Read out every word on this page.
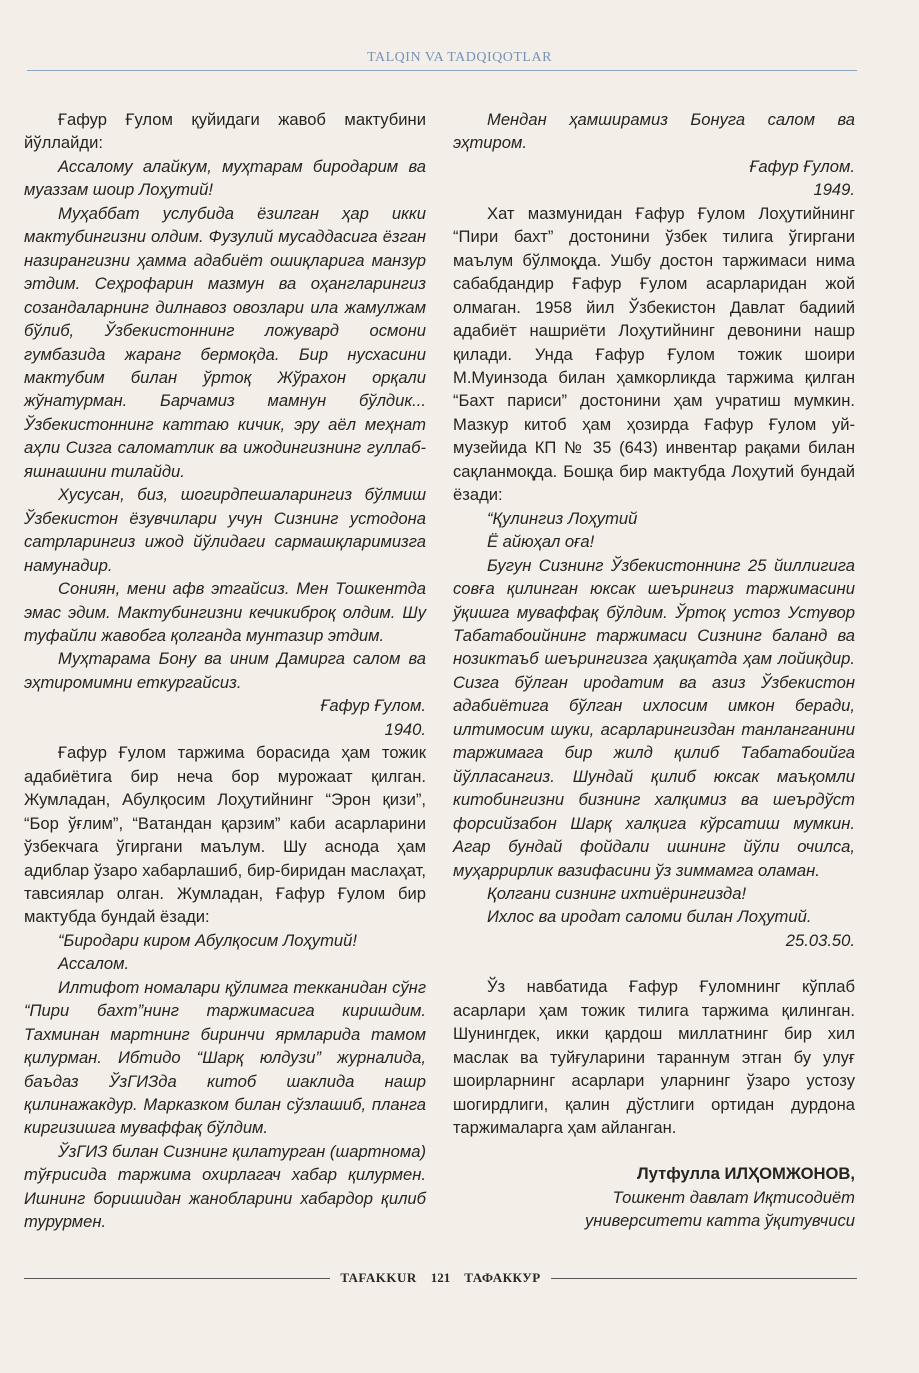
TALQIN VA TADQIQOTLAR

Ғафур Ғулом қуйидаги жавоб мактубини йўллайди:

Ассалому алайкум, муҳтарам биродарим ва муаззам шоир Лоҳутий!

Муҳаббат услубида ёзилган ҳар икки мактубингизни олдим. Фузулий мусаддасига ёзган назирангизни ҳамма адабиёт ошиқларига манзур этдим. Сеҳрофарин мазмун ва оҳангларингиз созандаларнинг дилнавоз овозлари ила жамулжам бўлиб, Ўзбекистоннинг ложувард осмони гумбазида жаранг бермоқда. Бир нусхасини мактубим билан ўртоқ Жўрахон орқали жўнатурман. Барчамиз мамнун бўлдик... Ўзбекистоннинг каттаю кичик, эру аёл меҳнат аҳли Сизга саломатлик ва ижодингизнинг гуллаб-яшнашини тилайди.

Хусусан, биз, шогирдпешаларингиз бўлмиш Ўзбекистон ёзувчилари учун Сизнинг устодона сатрларингиз ижод йўлидаги сармашқларимизга намунадир.

Сониян, мени афв этгайсиз. Мен Тошкентда эмас эдим. Мактубингизни кечикиброқ олдим. Шу туфайли жавобга қолганда мунтазир этдим.

Муҳтарама Бону ва иним Дамирга салом ва эҳтиромимни еткургайсиз.

Ғафур Ғулом.

1940.

Ғафур Ғулом таржима борасида ҳам тожик адабиётига бир неча бор мурожаат қилган. Жумладан, Абулқосим Лоҳутийнинг “Эрон қизи”, “Бор ўғлим”, “Ватандан қарзим” каби асарларини ўзбекчага ўгиргани маълум. Шу аснода ҳам адиблар ўзаро хабарлашиб, бир-биридан маслаҳат, тавсиялар олган. Жумладан, Ғафур Ғулом бир мактубда бундай ёзади:

“Биродари киром Абулқосим Лоҳутий!

Ассалом.

Илтифот номалари қўлимга текканидан сўнг “Пири бахт”нинг таржимасига киришдим. Тахминан мартнинг биринчи ярмларида тамом қилурман. Ибтидо “Шарқ юлдузи” журналида, баъдаз ЎзГИЗда китоб шаклида нашр қилинажакдур. Марказком билан сўзлашиб, планга киргизишга муваффақ бўлдим.

ЎзГИЗ билан Сизнинг қилатурган (шартнома) тўғрисида таржима охирлагач хабар қилурмен. Ишнинг боришидан жанобларини хабардор қилиб турурмен.

Мендан ҳамширамиз Бонуга салом ва эҳтиром.

Ғафур Ғулом.

1949.

Хат мазмунидан Ғафур Ғулом Лоҳутийнинг “Пири бахт” достонини ўзбек тилига ўгиргани маълум бўлмоқда. Ушбу достон таржимаси нима сабабдандир Ғафур Ғулом асарларидан жой олмаган. 1958 йил Ўзбекистон Давлат бадиий адабиёт нашриёти Лоҳутийнинг девонини нашр қилади. Унда Ғафур Ғулом тожик шоири М.Муинзода билан ҳамкорликда таржима қилган “Бахт париси” достонини ҳам учратиш мумкин. Мазкур китоб ҳам ҳозирда Ғафур Ғулом уй-музейида КП № 35 (643) инвентар рақами билан сақланмоқда. Бошқа бир мактубда Лоҳутий бундай ёзади:

“Қулингиз Лоҳутий

Ё айюҳал оға!

Бугун Сизнинг Ўзбекистоннинг 25 йиллигига совға қилинган юксак шеърингиз таржимасини ўқишга муваффақ бўлдим. Ўртоқ устоз Устувор Табатабоийнинг таржимаси Сизнинг баланд ва нозиктаъб шеърингизга ҳақиқатда ҳам лойиқдир. Сизга бўлган иродатим ва азиз Ўзбекистон адабиётига бўлган ихлосим имкон беради, илтимосим шуки, асарларингиздан танланганини таржимага бир жилд қилиб Табатабоийга йўлласангиз. Шундай қилиб юксак маъқомли китобингизни бизнинг халқимиз ва шеърдўст форсийзабон Шарқ халқига кўрсатиш мумкин. Агар бундай фойдали ишнинг йўли очилса, муҳаррирлик вазифасини ўз зиммамга оламан.

Қолгани сизнинг ихтиёрингизда!

Ихлос ва иродат саломи билан Лоҳутий.

25.03.50.

Ўз навбатида Ғафур Ғуломнинг кўплаб асарлари ҳам тожик тилига таржима қилинган. Шунингдек, икки қардош миллатнинг бир хил маслак ва туйғуларини тараннум этган бу улуғ шоирларнинг асарлари уларнинг ўзаро устозу шогирдлиги, қалин дўстлиги ортидан дурдона таржималарга ҳам айланган.

Лутфулла ИЛҲОМЖОНОВ,

Тошкент давлат Иқтисодиёт

университети катта ўқитувчиси

TAFAKKUR 121 ТАФАККУР
